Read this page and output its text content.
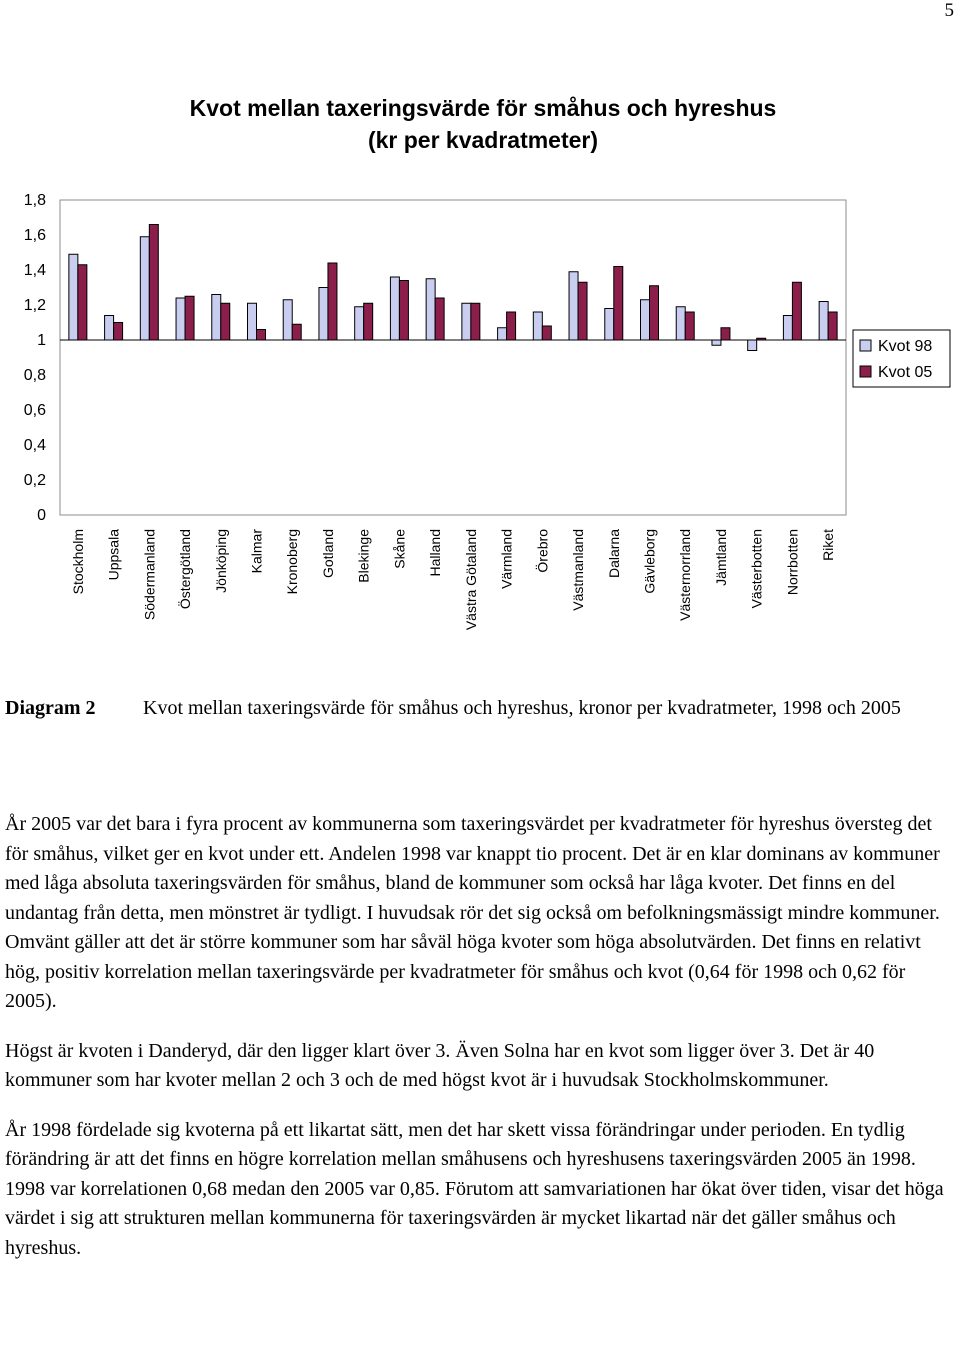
5
Kvot mellan taxeringsvärde för småhus och hyreshus
(kr per kvadratmeter)
0
0,2
0,4
0,6
0,8
1
1,2
1,4
1,6
1,8
Stockholm Uppsala Södermanland Östergötland Jönköping Kalmar Kronoberg Gotland Blekinge Skåne Halland Västra Götaland Värmland Örebro Västmanland Dalarna Gävleborg Västernorrland Jämtland Västerbotten Norrbotten Riket
Kvot 98
Kvot 05
Diagram 2 Kvot mellan taxeringsvärde för småhus och hyreshus, kronor per kvadratmeter, 1998 och 2005

År 2005 var det bara i fyra procent av kommunerna som taxeringsvärdet per kvadratmeter för hyreshus översteg det för småhus, vilket ger en kvot under ett. Andelen 1998 var knappt tio procent. Det är en klar dominans av kommuner med låga absoluta taxeringsvärden för småhus, bland de kommuner som också har låga kvoter. Det finns en del undantag från detta, men mönstret är tydligt. I huvudsak rör det sig också om befolkningsmässigt mindre kommuner. Omvänt gäller att det är större kommuner som har såväl höga kvoter som höga absolutvärden. Det finns en relativt hög, positiv korrelation mellan taxeringsvärde per kvadratmeter för småhus och kvot (0,64 för 1998 och 0,62 för 2005).

Högst är kvoten i Danderyd, där den ligger klart över 3. Även Solna har en kvot som ligger över 3. Det är 40 kommuner som har kvoter mellan 2 och 3 och de med högst kvot är i huvudsak Stockholmskommuner.

År 1998 fördelade sig kvoterna på ett likartat sätt, men det har skett vissa förändringar under perioden. En tydlig förändring är att det finns en högre korrelation mellan småhusens och hyreshusens taxeringsvärden 2005 än 1998. 1998 var korrelationen 0,68 medan den 2005 var 0,85. Förutom att samvariationen har ökat över tiden, visar det höga värdet i sig att strukturen mellan kommunerna för taxeringsvärden är mycket likartad när det gäller småhus och hyreshus.
